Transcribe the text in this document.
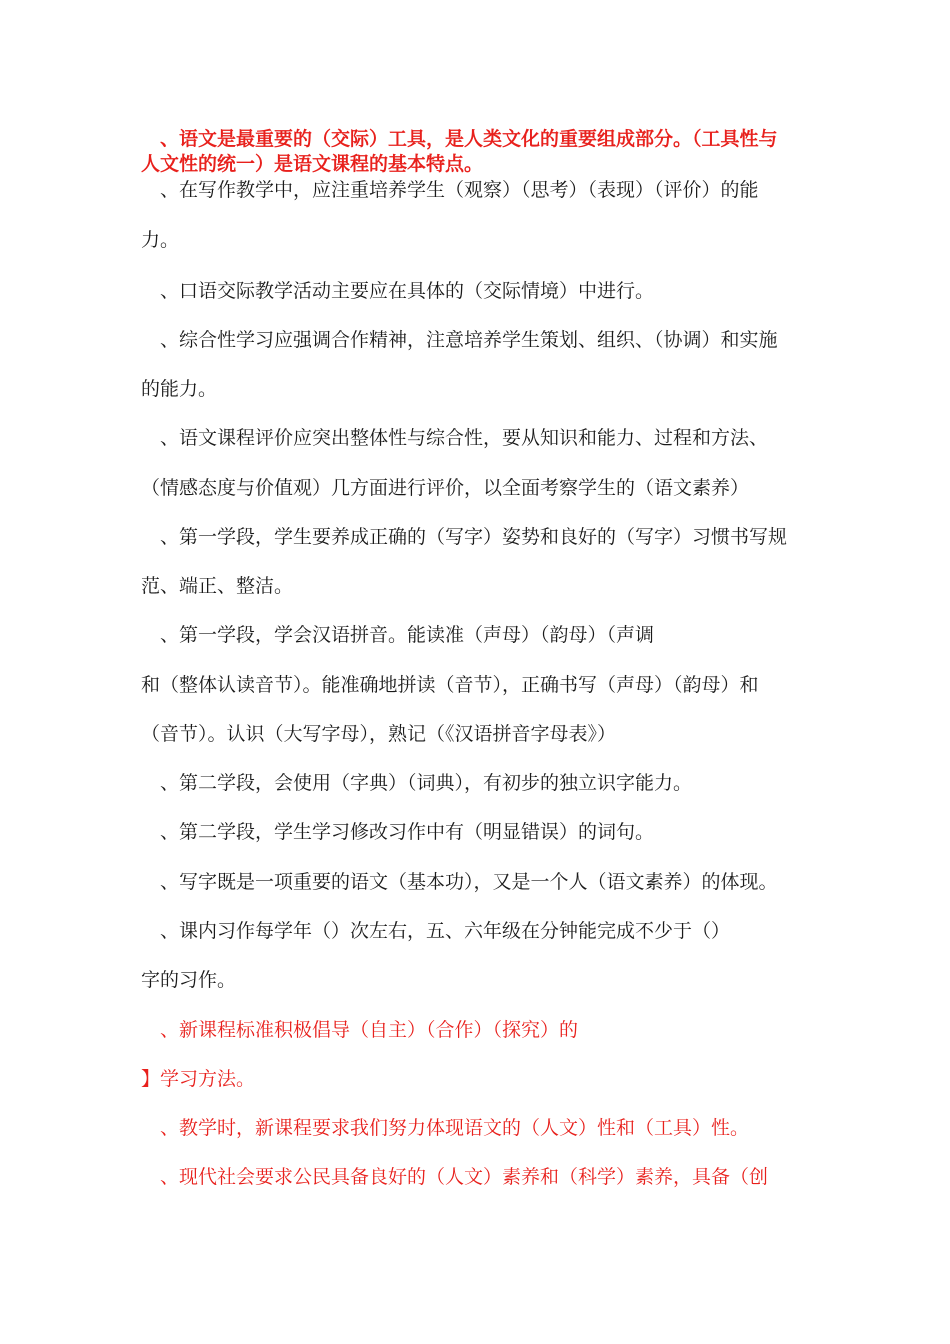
、语文是最重要的（交际）工具，是人类文化的重要组成部分。（工具性与
人文性的统一）是语文课程的基本特点。
、在写作教学中，应注重培养学生（观察）（思考）（表现）（评价）的能
力。
、口语交际教学活动主要应在具体的（交际情境）中进行。
、综合性学习应强调合作精神，注意培养学生策划、组织、（协调）和实施
的能力。
、语文课程评价应突出整体性与综合性，要从知识和能力、过程和方法、
（情感态度与价值观）几方面进行评价，以全面考察学生的（语文素养）
、第一学段，学生要养成正确的（写字）姿势和良好的（写字）习惯书写规
范、端正、整洁。
、第一学段，学会汉语拼音。能读准（声母）（韵母）（声调
和（整体认读音节）。能准确地拼读（音节），正确书写（声母）（韵母）和
（音节）。认识（大写字母），熟记（《汉语拼音字母表》）
、第二学段，会使用（字典）（词典），有初步的独立识字能力。
、第二学段，学生学习修改习作中有（明显错误）的词句。
、写字既是一项重要的语文（基本功），又是一个人（语文素养）的体现。
、课内习作每学年（）次左右，五、六年级在分钟能完成不少于（）
字的习作。
、新课程标准积极倡导（自主）（合作）（探究）的
】学习方法。
、教学时，新课程要求我们努力体现语文的（人文）性和（工具）性。
、现代社会要求公民具备良好的（人文）素养和（科学）素养，具备（创
